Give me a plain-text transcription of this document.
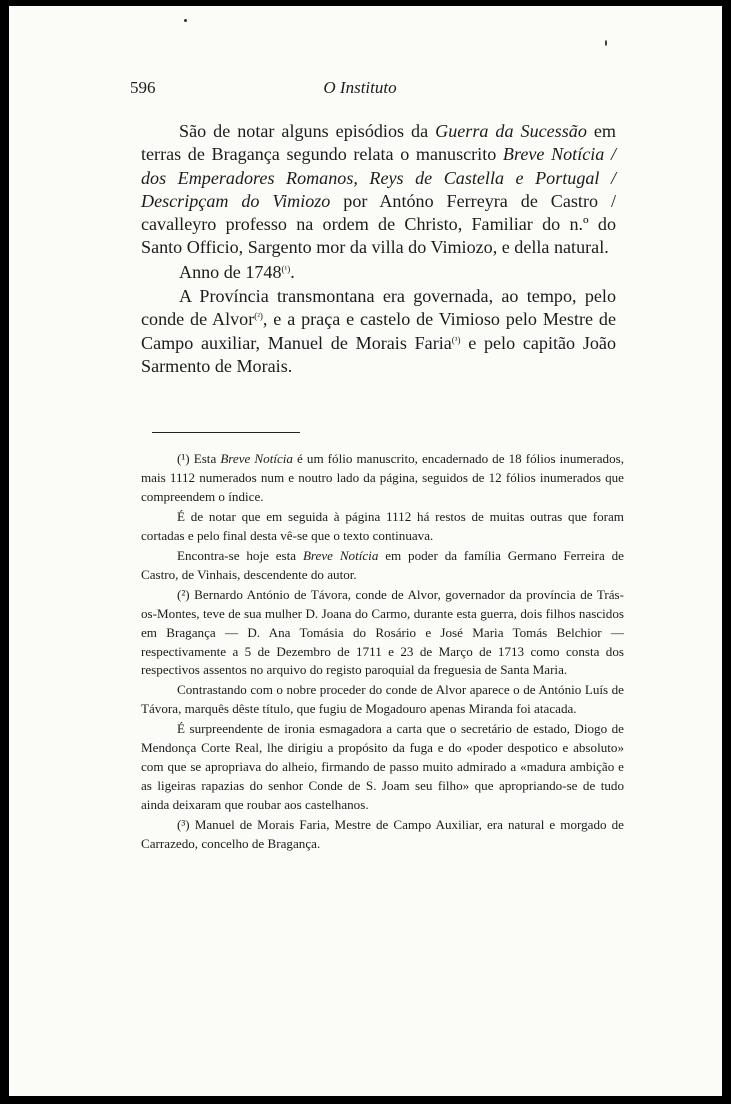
596	O Instituto

São de notar alguns episódios da Guerra da Sucessão em terras de Bragança segundo relata o manuscrito Breve Notícia / dos Emperadores Romanos, Reys de Castella e Portugal / Descripçam do Vimiozo por Antóno Ferreyra de Castro / cavalleyro professo na ordem de Christo, Familiar do n.º do Santo Officio, Sargento mor da villa do Vimiozo, e della natural.

Anno de $1748^{(^1)}$.

A Província transmontana era governada, ao tempo, pelo conde de Alvor$^{(^2)}$, e a praça e castelo de Vimioso pelo Mestre de Campo auxiliar, Manuel de Morais Faria$^{(^3)}$ e pelo capitão João Sarmento de Morais.

(¹) Esta Breve Notícia é um fólio manuscrito, encadernado de 18 fólios inumerados, mais 1112 numerados num e noutro lado da página, seguidos de 12 fólios inumerados que compreendem o índice.

É de notar que em seguida à página 1112 há restos de muitas outras que foram cortadas e pelo final desta vê-se que o texto continuava.

Encontra-se hoje esta Breve Notícia em poder da família Germano Ferreira de Castro, de Vinhais, descendente do autor.

(²) Bernardo António de Távora, conde de Alvor, governador da província de Trás-os-Montes, teve de sua mulher D. Joana do Carmo, durante esta guerra, dois filhos nascidos em Bragança — D. Ana Tomásia do Rosário e José Maria Tomás Belchior — respectivamente a 5 de Dezembro de 1711 e 23 de Março de 1713 como consta dos respectivos assentos no arquivo do registo paroquial da freguesia de Santa Maria.

Contrastando com o nobre proceder do conde de Alvor aparece o de António Luís de Távora, marquês dêste título, que fugiu de Mogadouro apenas Miranda foi atacada.

É surpreendente de ironia esmagadora a carta que o secretário de estado, Diogo de Mendonça Corte Real, lhe dirigiu a propósito da fuga e do «poder despotico e absoluto» com que se apropriava do alheio, firmando de passo muito admirado a «madura ambição e as ligeiras rapazias do senhor Conde de S. Joam seu filho» que apropriando-se de tudo ainda deixaram que roubar aos castelhanos.

(³) Manuel de Morais Faria, Mestre de Campo Auxiliar, era natural e morgado de Carrazedo, concelho de Bragança.
